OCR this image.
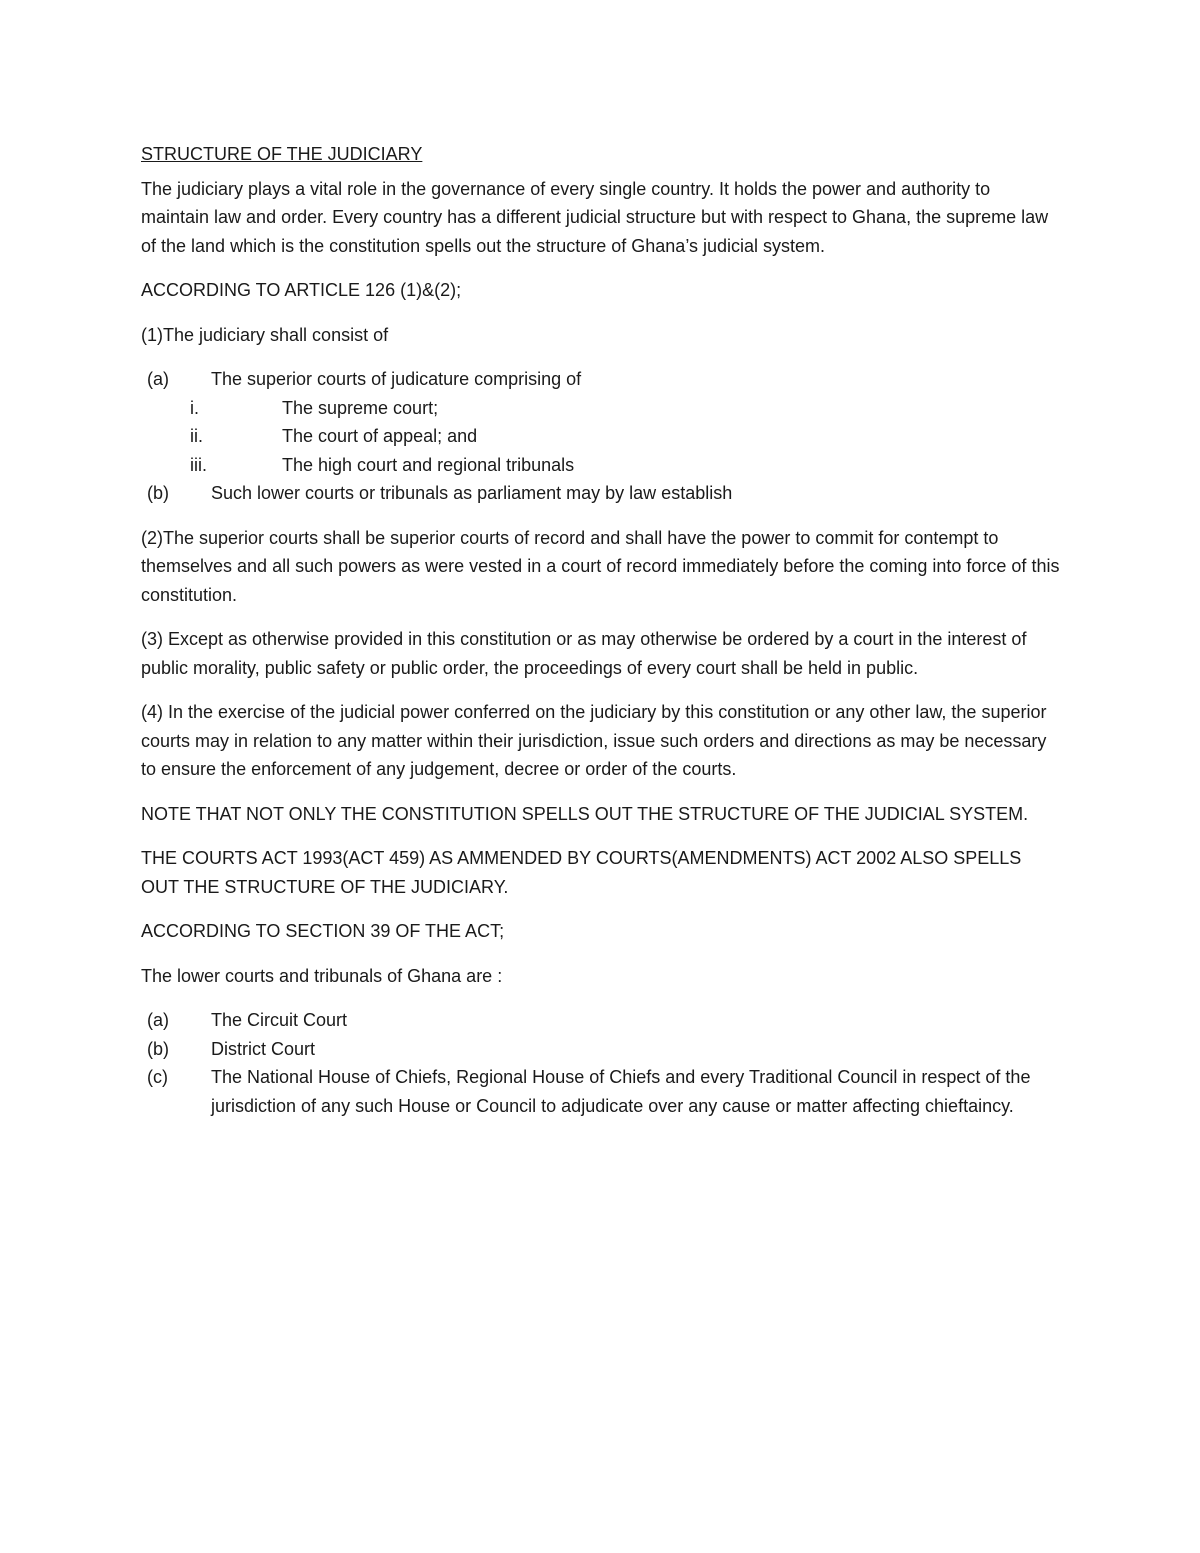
STRUCTURE OF THE JUDICIARY

The judiciary plays a vital role in the governance of every single country. It holds the power and authority to maintain law and order. Every country has a different judicial structure but with respect to Ghana, the supreme law of the land which is the constitution spells out the structure of Ghana’s judicial system.

ACCORDING TO ARTICLE 126 (1)&(2);

(1)The judiciary shall consist of

(a) The superior courts of judicature comprising of
i.	The supreme court;
ii.	The court of appeal; and
iii.	The high court and regional tribunals
(b) Such lower courts or tribunals as parliament may by law establish

(2)The superior courts shall be superior courts of record and shall have the power to commit for contempt to themselves and all such powers as were vested in a court of record immediately before the coming into force of this constitution.

(3) Except as otherwise provided in this constitution or as may otherwise be ordered by a court in the interest of public morality, public safety or public order, the proceedings of every court shall be held in public.

(4) In the exercise of the judicial power conferred on the judiciary by this constitution or any other law, the superior courts may in relation to any matter within their jurisdiction, issue such orders and directions as may be necessary to ensure the enforcement of any judgement, decree or order of the courts.

NOTE THAT NOT ONLY THE CONSTITUTION SPELLS OUT THE STRUCTURE OF THE JUDICIAL SYSTEM.

THE COURTS ACT 1993(ACT 459) AS AMMENDED BY COURTS(AMENDMENTS) ACT 2002 ALSO SPELLS OUT THE STRUCTURE OF THE JUDICIARY.

ACCORDING TO SECTION 39 OF THE ACT;

The lower courts and tribunals of Ghana are :

(a) The Circuit Court
(b) District Court
(c) The National House of Chiefs, Regional House of Chiefs and every Traditional Council in respect of the jurisdiction of any such House or Council to adjudicate over any cause or matter affecting chieftaincy.
